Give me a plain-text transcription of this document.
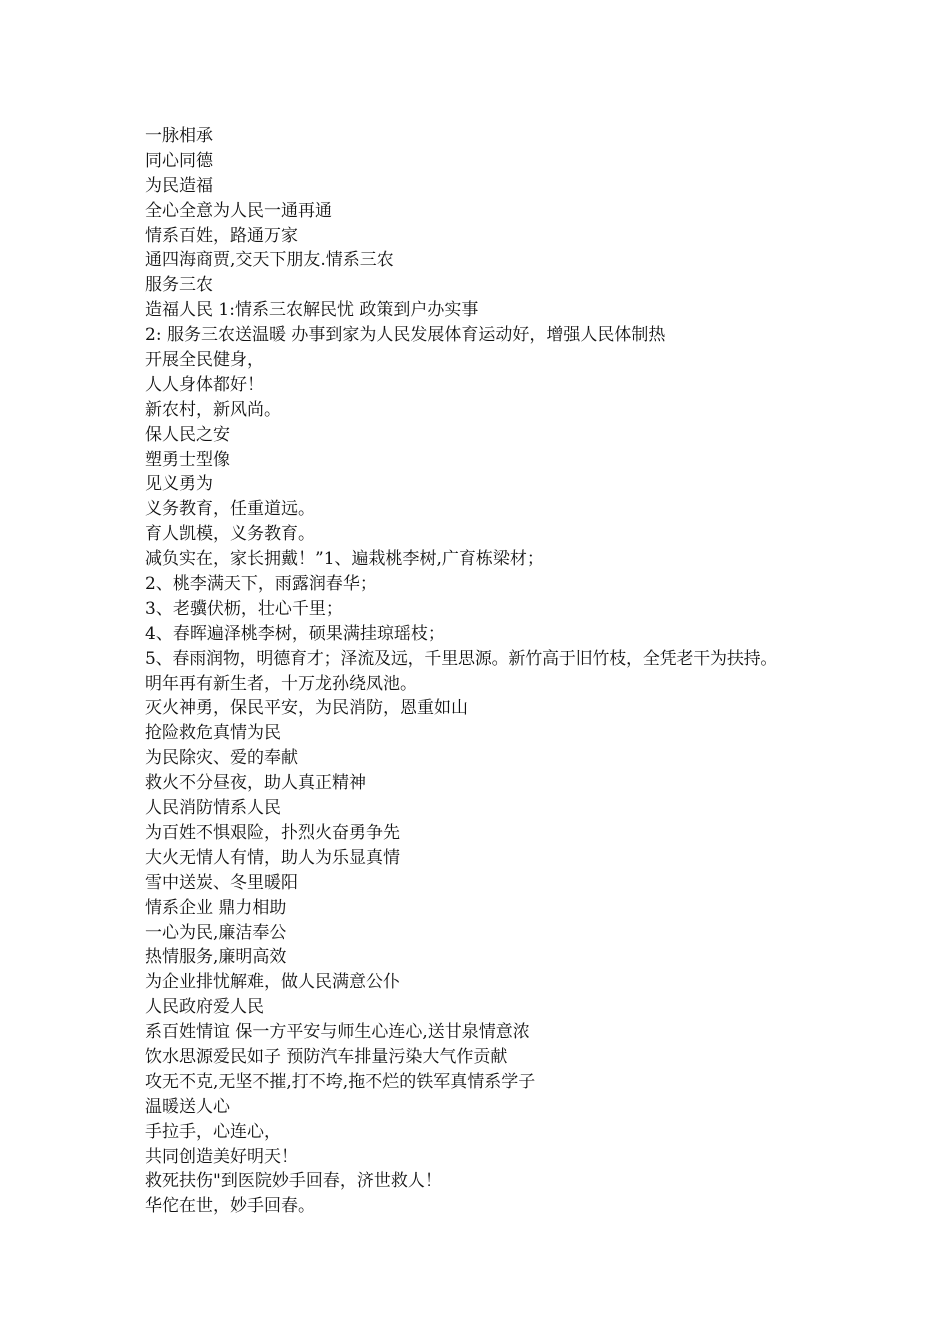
一脉相承
同心同德
为民造福
全心全意为人民一通再通
情系百姓，路通万家
通四海商贾,交天下朋友.情系三农
服务三农
造福人民 1:情系三农解民忧 政策到户办实事
2: 服务三农送温暖 办事到家为人民发展体育运动好，增强人民体制热
开展全民健身，
人人身体都好！
新农村，新风尚。
保人民之安
塑勇士型像
见义勇为
义务教育，任重道远。
育人凯模，义务教育。
减负实在，家长拥戴！”1、遍栽桃李树,广育栋梁材；
2、桃李满天下，雨露润春华；
3、老骥伏枥，壮心千里；
4、春晖遍泽桃李树，硕果满挂琼瑶枝；
5、春雨润物，明德育才；泽流及远，千里思源。新竹高于旧竹枝，全凭老干为扶持。
明年再有新生者，十万龙孙绕凤池。
灭火神勇，保民平安，为民消防，恩重如山
抢险救危真情为民
为民除灾、爱的奉献
救火不分昼夜，助人真正精神
人民消防情系人民
为百姓不惧艰险，扑烈火奋勇争先
大火无情人有情，助人为乐显真情
雪中送炭、冬里暖阳
情系企业 鼎力相助
一心为民,廉洁奉公
热情服务,廉明高效
为企业排忧解难，做人民满意公仆
人民政府爱人民
系百姓情谊 保一方平安与师生心连心,送甘泉情意浓
饮水思源爱民如子 预防汽车排量污染大气作贡献
攻无不克,无坚不摧,打不垮,拖不烂的铁军真情系学子
温暖送人心
手拉手，心连心，
共同创造美好明天！
救死扶伤"到医院妙手回春，济世救人！
华佗在世，妙手回春。
